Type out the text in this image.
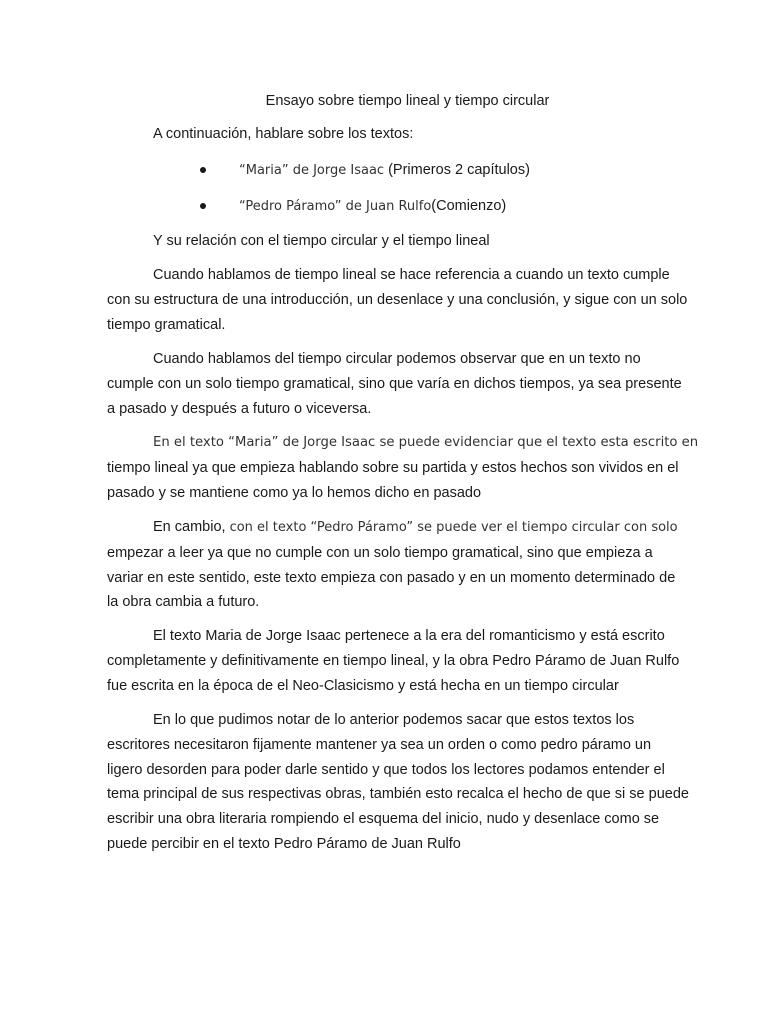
Ensayo sobre tiempo lineal y tiempo circular
A continuación, hablare sobre los textos:
“Maria” de Jorge Isaac (Primeros 2 capítulos)
“Pedro Páramo” de Juan Rulfo(Comienzo)
Y su relación con el tiempo circular y el tiempo lineal
Cuando hablamos de tiempo lineal se hace referencia a cuando un texto cumple
con su estructura de una introducción, un desenlace y una conclusión, y sigue con un solo
tiempo gramatical.
Cuando hablamos del tiempo circular podemos observar que en un texto no
cumple con un solo tiempo gramatical, sino que varía en dichos tiempos, ya sea presente
a pasado y después a futuro o viceversa.
En el texto “Maria” de Jorge Isaac se puede evidenciar que el texto esta escrito en
tiempo lineal ya que empieza hablando sobre su partida y estos hechos son vividos en el
pasado y se mantiene como ya lo hemos dicho en pasado
En cambio, con el texto “Pedro Páramo” se puede ver el tiempo circular con solo
empezar a leer ya que no cumple con un solo tiempo gramatical, sino que empieza a
variar en este sentido, este texto empieza con pasado y en un momento determinado de
la obra cambia a futuro.
El texto Maria de Jorge Isaac pertenece a la era del romanticismo y está escrito
completamente y definitivamente en tiempo lineal, y la obra Pedro Páramo de Juan Rulfo
fue escrita en la época de el Neo-Clasicismo y está hecha en un tiempo circular
En lo que pudimos notar de lo anterior podemos sacar que estos textos los
escritores necesitaron fijamente mantener ya sea un orden o como pedro páramo un
ligero desorden para poder darle sentido y que todos los lectores podamos entender el
tema principal de sus respectivas obras, también esto recalca el hecho de que si se puede
escribir una obra literaria rompiendo el esquema del inicio, nudo y desenlace como se
puede percibir en el texto Pedro Páramo de Juan Rulfo
